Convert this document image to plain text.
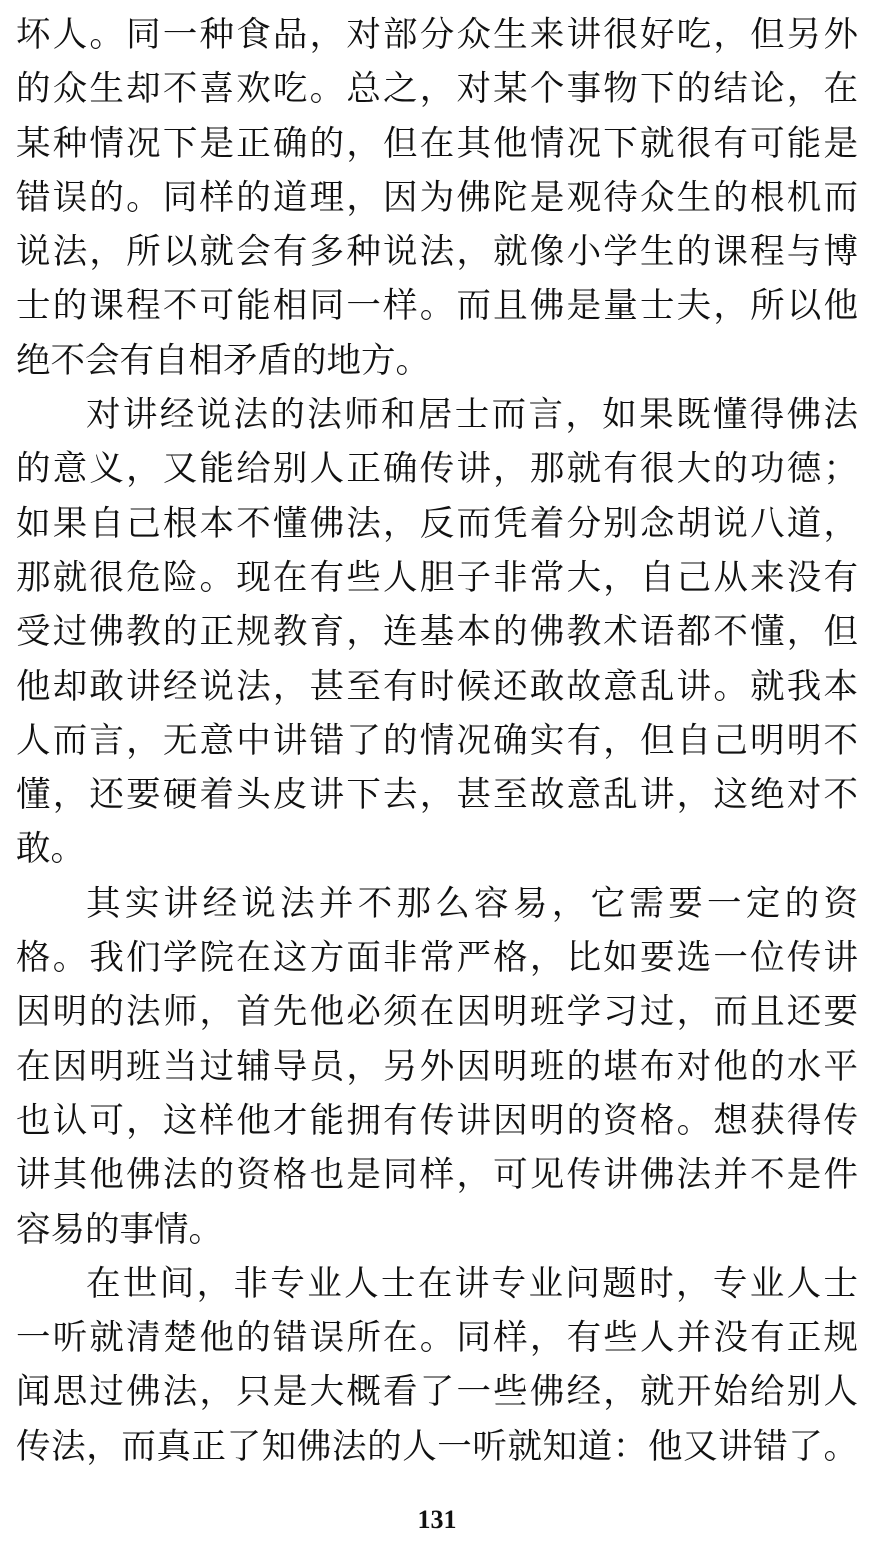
坏人。同一种食品，对部分众生来讲很好吃，但另外
的众生却不喜欢吃。总之，对某个事物下的结论，在
某种情况下是正确的，但在其他情况下就很有可能是
错误的。同样的道理，因为佛陀是观待众生的根机而
说法，所以就会有多种说法，就像小学生的课程与博
士的课程不可能相同一样。而且佛是量士夫，所以他
绝不会有自相矛盾的地方。
对讲经说法的法师和居士而言，如果既懂得佛法
的意义，又能给别人正确传讲，那就有很大的功德；
如果自己根本不懂佛法，反而凭着分别念胡说八道，
那就很危险。现在有些人胆子非常大，自己从来没有
受过佛教的正规教育，连基本的佛教术语都不懂，但
他却敢讲经说法，甚至有时候还敢故意乱讲。就我本
人而言，无意中讲错了的情况确实有，但自己明明不
懂，还要硬着头皮讲下去，甚至故意乱讲，这绝对不
敢。
其实讲经说法并不那么容易，它需要一定的资
格。我们学院在这方面非常严格，比如要选一位传讲
因明的法师，首先他必须在因明班学习过，而且还要
在因明班当过辅导员，另外因明班的堪布对他的水平
也认可，这样他才能拥有传讲因明的资格。想获得传
讲其他佛法的资格也是同样，可见传讲佛法并不是件
容易的事情。
在世间，非专业人士在讲专业问题时，专业人士
一听就清楚他的错误所在。同样，有些人并没有正规
闻思过佛法，只是大概看了一些佛经，就开始给别人
传法，而真正了知佛法的人一听就知道：他又讲错了。
131
